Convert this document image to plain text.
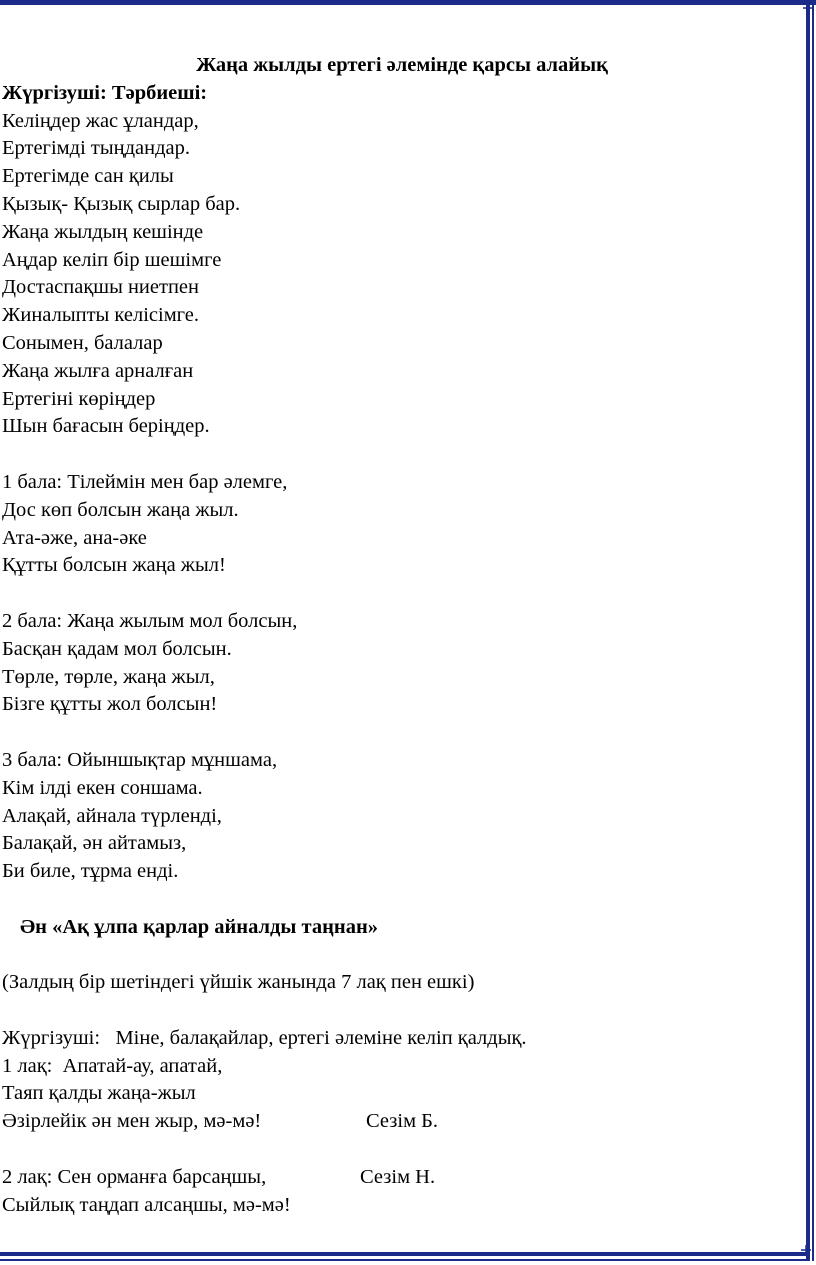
Жаңа жылды ертегі әлемінде қарсы алайық
Жүргізуші: Тәрбиеші:
Келіңдер жас ұландар,
Ертегімді тыңдандар.
Ертегімде сан қилы
Қызық- Қызық сырлар бар.
Жаңа жылдың кешінде
Аңдар келіп бір шешімге
Достаспақшы ниетпен
Жиналыпты келісімге.
Сонымен, балалар
Жаңа жылға арналған
Ертегіні көріңдер
Шын бағасын беріңдер.
1 бала: Тілеймін мен бар әлемге,
Дос көп болсын жаңа жыл.
Ата-әже, ана-әке
Құтты болсын жаңа жыл!
2 бала: Жаңа жылым мол болсын,
Басқан қадам мол болсын.
Төрле, төрле, жаңа жыл,
Бізге құтты жол болсын!
3 бала: Ойыншықтар мұншама,
Кім ілді екен соншама.
Алақай, айнала түрленді,
Балақай, ән айтамыз,
Би биле, тұрма енді.
Ән «Ақ ұлпа қарлар айналды таңнан»
(Залдың бір шетіндегі үйшік жанында 7 лақ пен ешкі)
Жүргізуші:   Міне, балақайлар, ертегі әлеміне келіп қалдық.
1 лақ:  Апатай-ау, апатай,
Таяп қалды жаңа-жыл
Әзірлейік ән мен жыр, мә-мә!	Сезім Б.
2 лақ: Сен орманға барсаңшы,	Сезім Н.
Сыйлық таңдап алсаңшы, мә-мә!
